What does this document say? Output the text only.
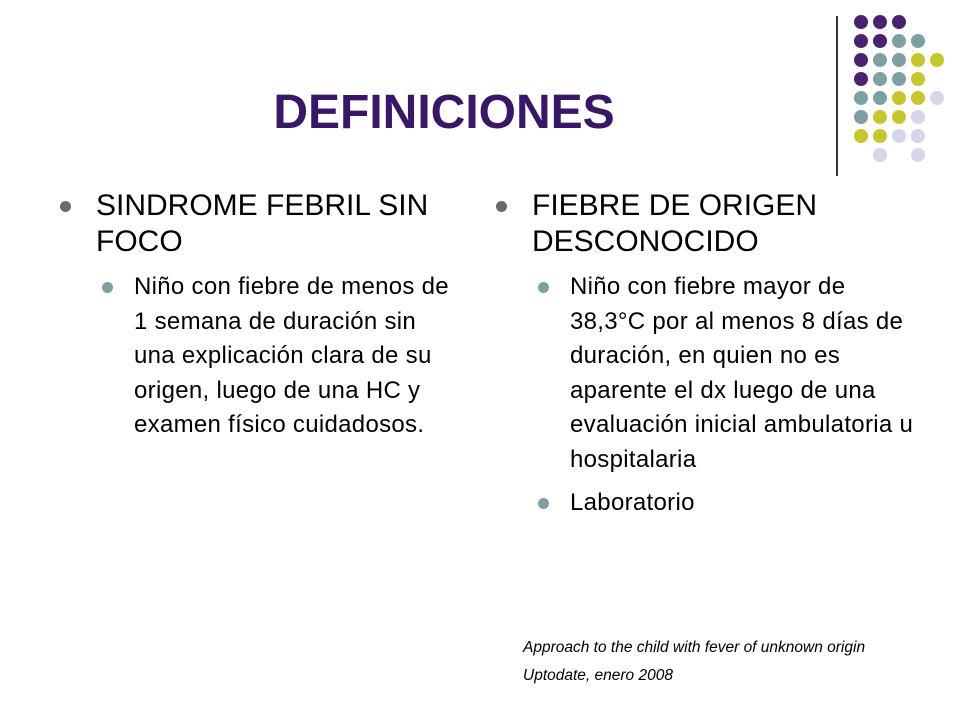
DEFINICIONES
SINDROME FEBRIL SIN FOCO
Niño con fiebre de menos de 1 semana de duración sin una explicación clara de su origen, luego de una HC y examen físico cuidadosos.
FIEBRE DE ORIGEN DESCONOCIDO
Niño con fiebre mayor de 38,3°C por al menos 8 días de duración, en quien no es aparente el dx luego de una evaluación inicial ambulatoria u hospitalaria
Laboratorio
Approach to the child with fever of unknown origin
Uptodate, enero 2008
